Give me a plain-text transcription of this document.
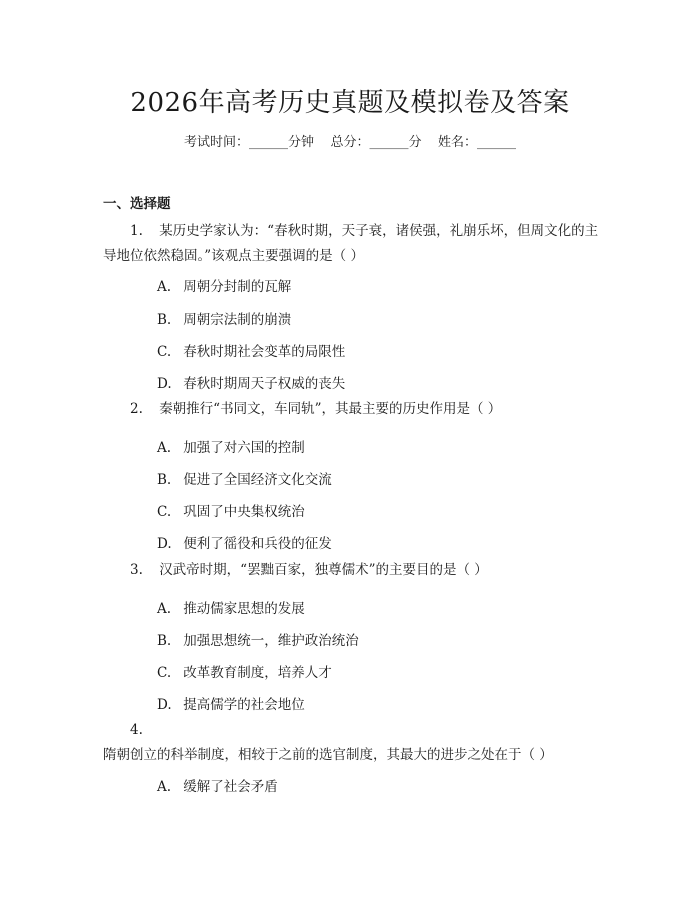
2026年高考历史真题及模拟卷及答案
考试时间：______分钟    总分：______分    姓名：______
一、选择题
1. 某历史学家认为：“春秋时期，天子衰，诸侯强，礼崩乐坏，但周文化的主导地位依然稳固。”该观点主要强调的是（ ）
A. 周朝分封制的瓦解
B. 周朝宗法制的崩溃
C. 春秋时期社会变革的局限性
D. 春秋时期周天子权威的丧失
2. 秦朝推行“书同文，车同轨”，其最主要的历史作用是（ ）
A. 加强了对六国的控制
B. 促进了全国经济文化交流
C. 巩固了中央集权统治
D. 便利了徭役和兵役的征发
3. 汉武帝时期，“罢黜百家，独尊儒术”的主要目的是（ ）
A. 推动儒家思想的发展
B. 加强思想统一，维护政治统治
C. 改革教育制度，培养人才
D. 提高儒学的社会地位
4. 隋朝创立的科举制度，相较于之前的选官制度，其最大的进步之处在于（ ）
A. 缓解了社会矛盾
